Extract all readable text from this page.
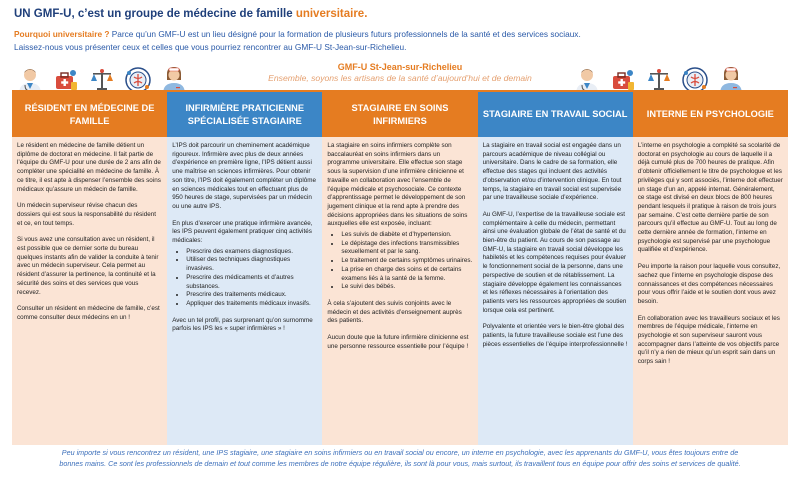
UN GMF-U, c’est un groupe de médecine de famille universitaire.
Pourquoi universitaire ? Parce qu’un GMF-U est un lieu désigné pour la formation de plusieurs futurs professionnels de la santé et des services sociaux.
Laissez-nous vous présenter ceux et celles que vous pourriez rencontrer au GMF-U St-Jean-sur-Richelieu.
GMF-U St-Jean-sur-Richelieu
Ensemble, soyons les artisans de la santé d’aujourd’hui et de demain
RÉSIDENT EN MÉDECINE DE FAMILLE

Le résident en médecine de famille détient un diplôme de doctorat en médecine. Il fait partie de l’équipe du GMF-U pour une durée de 2 ans afin de compléter une spécialité en médecine de famille. À ce titre, il est apte à dispenser l’ensemble des soins médicaux qu’assure un médecin de famille.

Un médecin superviseur révise chacun des dossiers qui est sous la responsabilité du résident et ce, en tout temps.

Si vous avez une consultation avec un résident, il est possible que ce dernier sorte du bureau quelques instants afin de valider la conduite à tenir avec un médecin superviseur. Cela permet au résident d’assurer la pertinence, la continuité et la sécurité des soins et des services que vous recevez.

Consulter un résident en médecine de famille, c’est comme consulter deux médecins en un !

INFIRMIÈRE PRATICIENNE SPÉCIALISÉE STAGIAIRE

L’IPS doit parcourir un cheminement académique rigoureux. Infirmière avec plus de deux années d’expérience en première ligne, l’IPS détient aussi une maîtrise en sciences infirmières. Pour obtenir son titre, l’IPS doit également compléter un diplôme en sciences médicales tout en effectuant plus de 950 heures de stage, supervisées par un médecin ou une autre IPS.

En plus d’exercer une pratique infirmière avancée, les IPS peuvent également pratiquer cinq activités médicales:

• Prescrire des examens diagnostiques.
• Utiliser des techniques diagnostiques invasives.
• Prescrire des médicaments et d’autres substances.
• Prescrire des traitements médicaux.
• Appliquer des traitements médicaux invasifs.

Avec un tel profil, pas surprenant qu’on surnomme parfois les IPS les « super infirmières » !

STAGIAIRE EN SOINS INFIRMIERS

La stagiaire en soins infirmiers complète son baccalauréat en soins infirmiers dans un programme universitaire. Elle effectue son stage sous la supervision d’une infirmière clinicienne et travaille en collaboration avec l’ensemble de l’équipe médicale et psychosociale. Ce contexte d’apprentissage permet le développement de son jugement clinique et la rend apte à prendre des décisions appropriées dans les situations de soins auxquelles elle est exposée, incluant:

• Les suivis de diabète et d’hypertension.
• Le dépistage des infections transmissibles sexuellement et par le sang.
• Le traitement de certains symptômes urinaires.
• La prise en charge des soins et de certains examens liés à la santé de la femme.
• Le suivi des bébés.

À cela s’ajoutent des suivis conjoints avec le médecin et des activités d’enseignement auprès des patients.

Aucun doute que la future infirmière clinicienne est une personne ressource essentielle pour l’équipe !

STAGIAIRE EN TRAVAIL SOCIAL

La stagiaire en travail social est engagée dans un parcours académique de niveau collégial ou universitaire. Dans le cadre de sa formation, elle effectue des stages qui incluent des activités d’observation et/ou d’intervention clinique. En tout temps, la stagiaire en travail social est supervisée par une travailleuse sociale d’expérience.

Au GMF-U, l’expertise de la travailleuse sociale est complémentaire à celle du médecin, permettant ainsi une évaluation globale de l’état de santé et du bien-être du patient. Au cours de son passage au GMF-U, la stagiaire en travail social développe les habiletés et les compétences requises pour évaluer le fonctionnement social de la personne, dans une perspective de soutien et de rétablissement. La stagiaire développe également les connaissances et les réflexes nécessaires à l’orientation des patients vers les ressources appropriées de soutien lorsque cela est pertinent.

Polyvalente et orientée vers le bien-être global des patients, la future travailleuse sociale est l’une des pièces essentielles de l’équipe interprofessionnelle !

INTERNE EN PSYCHOLOGIE

L’interne en psychologie a complété sa scolarité de doctorat en psychologie au cours de laquelle il a déjà cumulé plus de 700 heures de pratique. Afin d’obtenir officiellement le titre de psychologue et les privilèges qui y sont associés, l’interne doit effectuer un stage d’un an, appelé internat. Généralement, ce stage est divisé en deux blocs de 800 heures pendant lesquels il pratique à raison de trois jours par semaine. C’est cette dernière partie de son parcours qu’il effectue au GMF-U. Tout au long de cette dernière année de formation, l’interne en psychologie est supervisé par une psychologue qualifiée et d’expérience.

Peu importe la raison pour laquelle vous consultez, sachez que l’interne en psychologie dispose des connaissances et des compétences nécessaires pour vous offrir l’aide et le soutien dont vous avez besoin.

En collaboration avec les travailleurs sociaux et les membres de l’équipe médicale, l’interne en psychologie et son superviseur sauront vous accompagner dans l’atteinte de vos objectifs parce qu’il n’y a rien de mieux qu’un esprit sain dans un corps sain !

Peu importe si vous rencontrez un résident, une IPS stagiaire, une stagiaire en soins infirmiers ou en travail social ou encore, un interne en psychologie, avec les apprenants du GMF-U, vous êtes toujours entre de
bonnes mains. Ce sont les professionnels de demain et tout comme les membres de notre équipe régulière, ils sont là pour vous, mais surtout, ils travaillent tous en équipe pour offrir des soins et services de qualité.
